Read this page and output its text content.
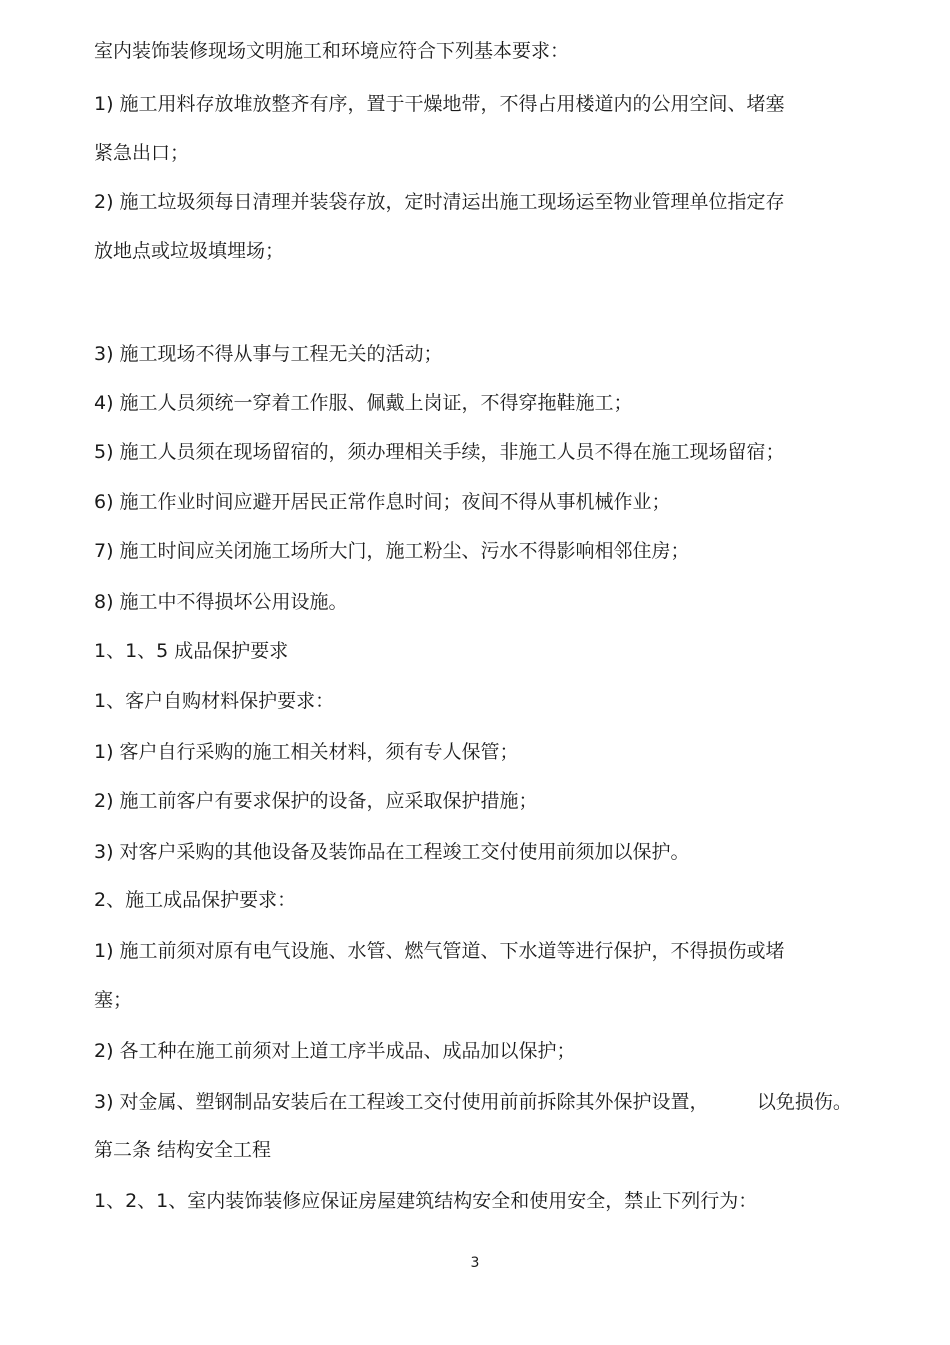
室内装饰装修现场文明施工和环境应符合下列基本要求：
1) 施工用料存放堆放整齐有序，置于干燥地带，不得占用楼道内的公用空间、堵塞
紧急出口；
2) 施工垃圾须每日清理并装袋存放，定时清运出施工现场运至物业管理单位指定存
放地点或垃圾填埋场；
3) 施工现场不得从事与工程无关的活动；
4) 施工人员须统一穿着工作服、佩戴上岗证，不得穿拖鞋施工；
5) 施工人员须在现场留宿的，须办理相关手续，非施工人员不得在施工现场留宿；
6) 施工作业时间应避开居民正常作息时间；夜间不得从事机械作业；
7) 施工时间应关闭施工场所大门，施工粉尘、污水不得影响相邻住房；
8) 施工中不得损坏公用设施。
1、1、5 成品保护要求
1、客户自购材料保护要求：
1) 客户自行采购的施工相关材料，须有专人保管；
2) 施工前客户有要求保护的设备，应采取保护措施；
3) 对客户采购的其他设备及装饰品在工程竣工交付使用前须加以保护。
2、施工成品保护要求：
1) 施工前须对原有电气设施、水管、燃气管道、下水道等进行保护，不得损伤或堵
塞；
2) 各工种在施工前须对上道工序半成品、成品加以保护；
3) 对金属、塑钢制品安装后在工程竣工交付使用前前拆除其外保护设置，        以免损伤。
第二条 结构安全工程
1、2、1、室内装饰装修应保证房屋建筑结构安全和使用安全，禁止下列行为：
3
